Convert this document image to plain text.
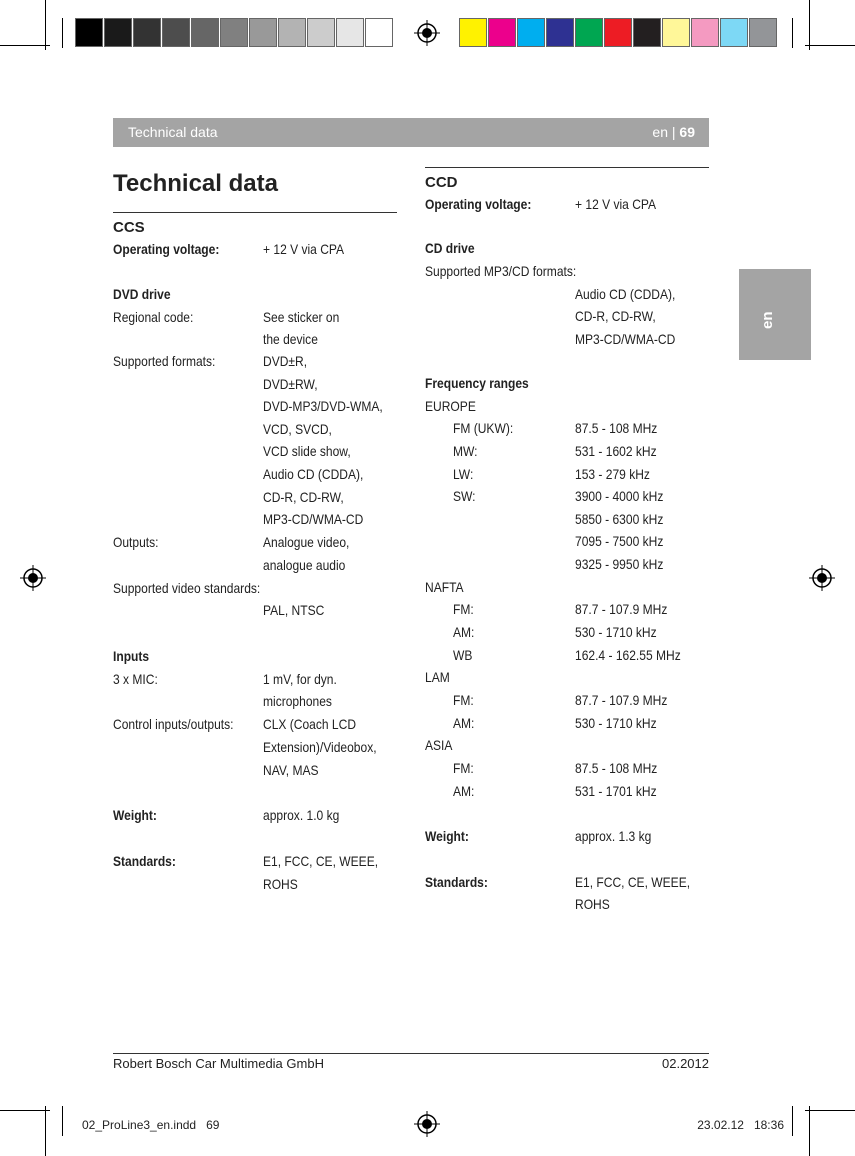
Technical data	en | 69
en
Technical data
CCS
Operating voltage:	+ 12 V via CPA
DVD drive
Regional code:	See sticker on
the device
Supported formats:	DVD±R,
DVD±RW,
DVD-MP3/DVD-WMA,
VCD, SVCD,
VCD slide show,
Audio CD (CDDA),
CD-R, CD-RW,
MP3-CD/WMA-CD
Outputs:	Analogue video,
analogue audio
Supported video standards:
PAL, NTSC
Inputs
3 x MIC:	1 mV, for dyn.
microphones
Control inputs/outputs: CLX (Coach LCD
Extension)/Videobox,
NAV, MAS
Weight:	approx. 1.0 kg
Standards:	E1, FCC, CE, WEEE,
ROHS
CCD
Operating voltage:	+ 12 V via CPA
CD drive
Supported MP3/CD formats:
Audio CD (CDDA),
CD-R, CD-RW,
MP3-CD/WMA-CD
Frequency ranges
EUROPE
FM (UKW):	87.5 - 108 MHz
MW:	531 - 1602 kHz
LW:	153 - 279 kHz
SW:	3900 - 4000 kHz
5850 - 6300 kHz
7095 - 7500 kHz
9325 - 9950 kHz
NAFTA
FM:	87.7 - 107.9 MHz
AM:	530 - 1710 kHz
WB	162.4 - 162.55 MHz
LAM
FM:	87.7 - 107.9 MHz
AM:	530 - 1710 kHz
ASIA
FM:	87.5 - 108 MHz
AM:	531 - 1701 kHz
Weight:	approx. 1.3 kg
Standards:	E1, FCC, CE, WEEE,
ROHS
Robert Bosch Car Multimedia GmbH	02.2012
02_ProLine3_en.indd   69	23.02.12   18:36
